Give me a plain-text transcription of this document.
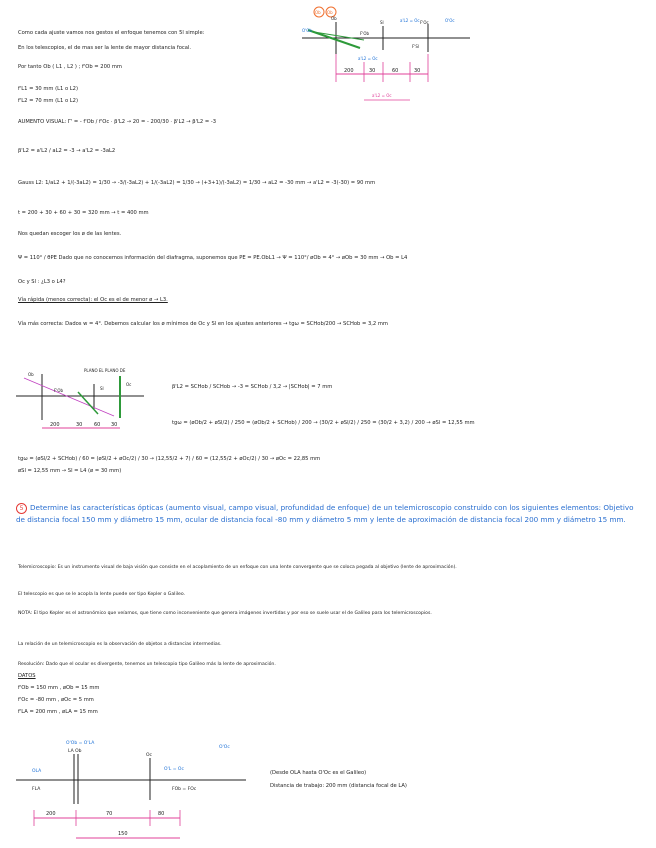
Como cada ajuste vamos nos gestos el enfoque tenemos con 5l simple:
En los telescopios, el de mas ser la lente de mayor distancia focal.
Por tanto Ob ( L1 , L2 ) ; f'Ob = 200 mm
f'L1 = 30 mm (L1 o L2)
f'L2 = 70 mm (L1 o L2)
AUMENTO VISUAL: Γ' = - f'Ob / f'Oc · β'L2 → 20 = - 200/30 · β'L2 → β'L2 = -3
β'L2 = a'L2 / aL2 = -3 → a'L2 = -3aL2
Gauss L2: 1/aL2 + 1/(-3aL2) = 1/30 → -3/(-3aL2) + 1/(-3aL2) = 1/30 → (+3+1)/(-3aL2) = 1/30 → aL2 = -30 mm → a'L2 = -3(-30) = 90 mm
t = 200 + 30 + 60 + 30 = 320 mm → t = 400 mm
Nos quedan escoger los ø de las lentes.
Ψ = 110° / θPE Dado que no conocemos información del diafragma, suponemos que PE = PE.ObL1 → Ψ = 110°/ øOb = 4° → øOb = 30 mm → Ob = L4
Oc y Sl : ¿L3 o L4?
Vía rápida (menos correcta): el Oc es el de menor ø → L3.
Vía más correcta: Dados w = 4°. Debemos calcular los ø mínimos de Oc y Sl en los ajustes anteriores → tgω = SCHob/200 → SCHob = 3,2 mm
β'L2 = SCHob / SCHob → -3 = SCHob / 3,2 → |SCHob| = 7 mm
tgω = (øOb/2 + øSl/2) / 250 = (øOb/2 + SCHob) / 200 → (30/2 + øSl/2) / 250 = (30/2 + 3,2) / 200 → øSl = 12,55 mm
tgω = (øSl/2 + SCHob) / 60 = (øSl/2 + øOc/2) / 30 → (12,55/2 + 7) / 60 = (12,55/2 + øOc/2) / 30 → øOc = 22,85 mm
øSl = 12,55 mm → Sl = L4 (ø = 30 mm)
Ob Ob
O'Ob
Ob
F'Ob
Sl
F'Sl
a'L2 = Oc F'Oc	O'Oc
a'L2 = Oc
200	30	60	30
a'L2 = Oc
PLANO EL PLANO DE
Ob
F'Ob	Sl
Oc
200	30 60 30
5 Determine las características ópticas (aumento visual, campo visual, profundidad de enfoque) de un telemicroscopio construido con los siguientes elementos: Objetivo de distancia focal 150 mm y diámetro 15 mm, ocular de distancia focal -80 mm y diámetro 5 mm y lente de aproximación de distancia focal 200 mm y diámetro 15 mm.
Telemicroscopio: Es un instrumento visual de baja visión que consiste en el acoplamiento de un enfoque con una lente convergente que se coloca pegada al objetivo (lente de aproximación).
El telescopio es que se le acopla la lente puede ser tipo Kepler o Galileo.
NOTA: El tipo Kepler es el astronómico que veíamos, que tiene como inconveniente que genera imágenes invertidas y por eso se suele usar el de Galileo para los telemicroscopios.
La relación de un telemicroscopio es la observación de objetos a distancias intermedias.
Resolución: Dado que el ocular es divergente, tenemos un telescopio tipo Galileo más la lente de aproximación.
DATOS
f'Ob = 150 mm , øOb = 15 mm
f'Oc = -80 mm , øOc = 5 mm
f'LA = 200 mm , øLA = 15 mm
O'Ob = O'LA
O'Oc
OLA
LA Ob
Oc
O'L = Oc
FLA	FOb = FOc
200	70	80
150
(Desde OLA hasta O'Oc es el Galileo)
Distancia de trabajo: 200 mm (distancia focal de LA)
